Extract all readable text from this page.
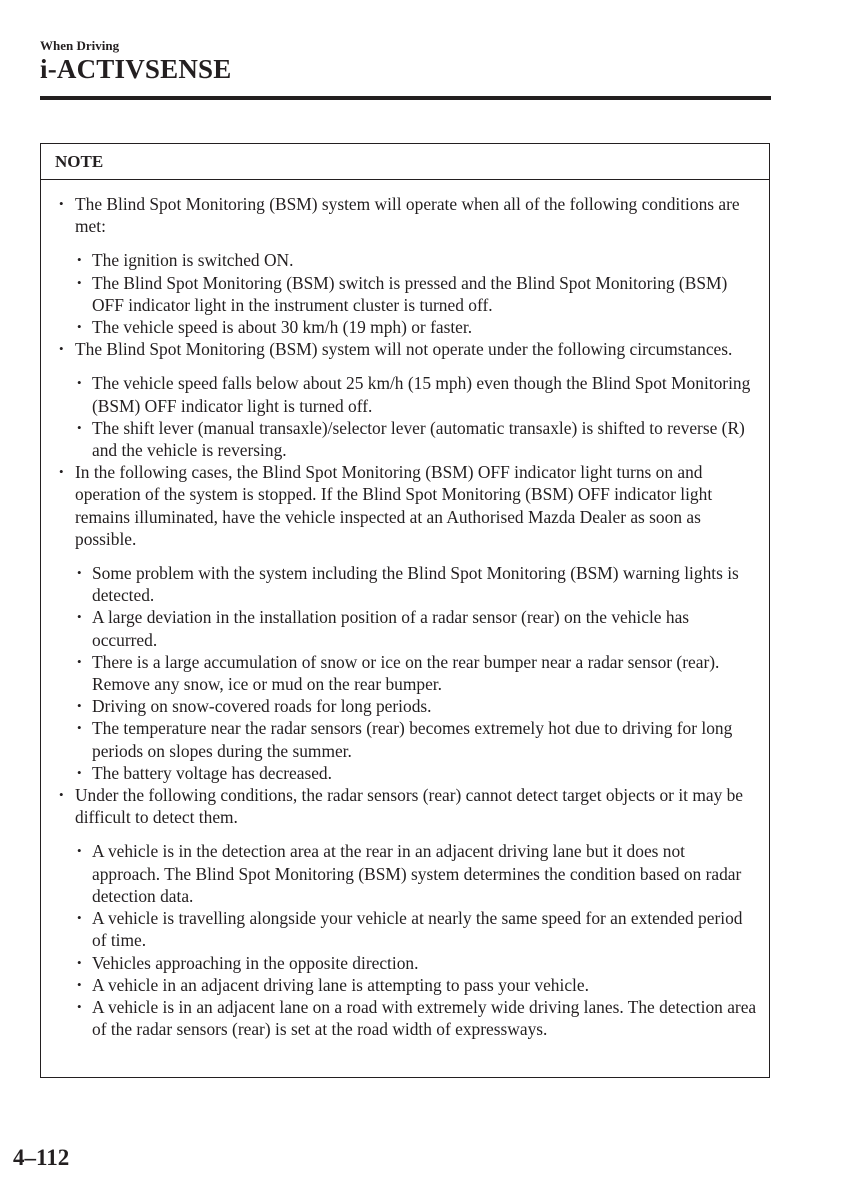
When Driving
i-ACTIVSENSE
NOTE
• The Blind Spot Monitoring (BSM) system will operate when all of the following conditions are met:
• The ignition is switched ON.
• The Blind Spot Monitoring (BSM) switch is pressed and the Blind Spot Monitoring (BSM) OFF indicator light in the instrument cluster is turned off.
• The vehicle speed is about 30 km/h (19 mph) or faster.
• The Blind Spot Monitoring (BSM) system will not operate under the following circumstances.
• The vehicle speed falls below about 25 km/h (15 mph) even though the Blind Spot Monitoring (BSM) OFF indicator light is turned off.
• The shift lever (manual transaxle)/selector lever (automatic transaxle) is shifted to reverse (R) and the vehicle is reversing.
• In the following cases, the Blind Spot Monitoring (BSM) OFF indicator light turns on and operation of the system is stopped. If the Blind Spot Monitoring (BSM) OFF indicator light remains illuminated, have the vehicle inspected at an Authorised Mazda Dealer as soon as possible.
• Some problem with the system including the Blind Spot Monitoring (BSM) warning lights is detected.
• A large deviation in the installation position of a radar sensor (rear) on the vehicle has occurred.
• There is a large accumulation of snow or ice on the rear bumper near a radar sensor (rear). Remove any snow, ice or mud on the rear bumper.
• Driving on snow-covered roads for long periods.
• The temperature near the radar sensors (rear) becomes extremely hot due to driving for long periods on slopes during the summer.
• The battery voltage has decreased.
• Under the following conditions, the radar sensors (rear) cannot detect target objects or it may be difficult to detect them.
• A vehicle is in the detection area at the rear in an adjacent driving lane but it does not approach. The Blind Spot Monitoring (BSM) system determines the condition based on radar detection data.
• A vehicle is travelling alongside your vehicle at nearly the same speed for an extended period of time.
• Vehicles approaching in the opposite direction.
• A vehicle in an adjacent driving lane is attempting to pass your vehicle.
• A vehicle is in an adjacent lane on a road with extremely wide driving lanes. The detection area of the radar sensors (rear) is set at the road width of expressways.
4–112
